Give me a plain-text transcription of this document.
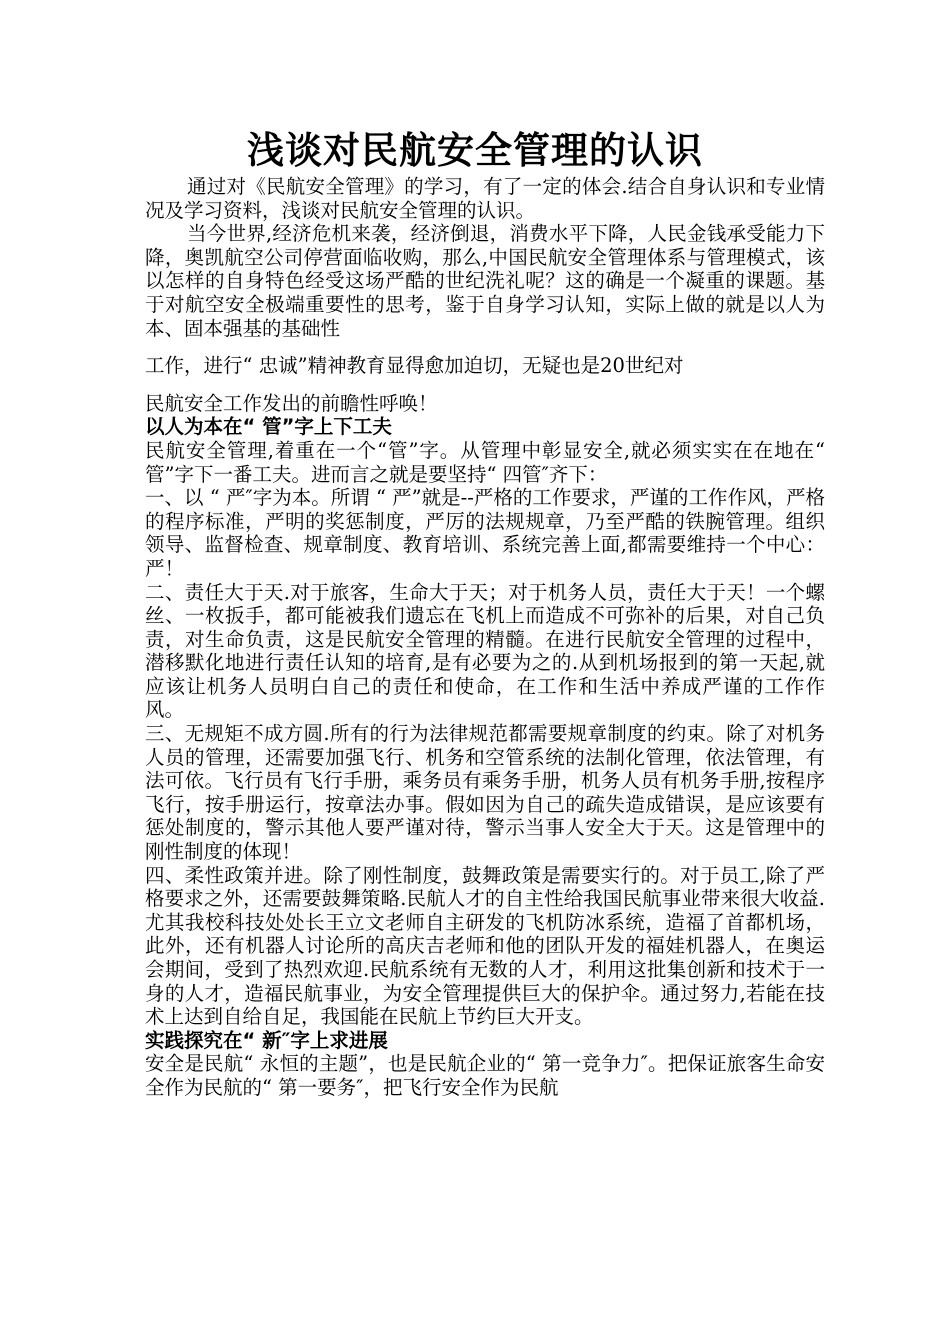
浅谈对民航安全管理的认识

通过对《民航安全管理》的学习，有了一定的体会.结合自身认识和专业情况及学习资料，浅谈对民航安全管理的认识。

当今世界,经济危机来袭，经济倒退，消费水平下降，人民金钱承受能力下降，奥凯航空公司停营面临收购，那么,中国民航安全管理体系与管理模式，该以怎样的自身特色经受这场严酷的世纪洗礼呢？这的确是一个凝重的课题。基于对航空安全极端重要性的思考，鉴于自身学习认知，实际上做的就是以人为本、固本强基的基础性

工作，进行“ 忠诚”精神教育显得愈加迫切，无疑也是20世纪对

民航安全工作发出的前瞻性呼唤！

以人为本在“ 管”字上下工夫

民航安全管理,着重在一个“管”字。从管理中彰显安全,就必须实实在在地在“ 管”字下一番工夫。进而言之就是要坚持“ 四管″齐下：

一、以 “ 严″字为本。所谓 “ 严”就是--严格的工作要求，严谨的工作作风，严格的程序标准，严明的奖惩制度，严厉的法规规章，乃至严酷的铁腕管理。组织领导、监督检查、规章制度、教育培训、系统完善上面,都需要维持一个中心：严！

二、责任大于天.对于旅客，生命大于天；对于机务人员，责任大于天！一个螺丝、一枚扳手，都可能被我们遗忘在飞机上而造成不可弥补的后果，对自己负责，对生命负责，这是民航安全管理的精髓。在进行民航安全管理的过程中，潜移默化地进行责任认知的培育,是有必要为之的.从到机场报到的第一天起,就应该让机务人员明白自己的责任和使命，在工作和生活中养成严谨的工作作风。

三、无规矩不成方圆.所有的行为法律规范都需要规章制度的约束。除了对机务人员的管理，还需要加强飞行、机务和空管系统的法制化管理，依法管理，有法可依。飞行员有飞行手册，乘务员有乘务手册，机务人员有机务手册,按程序飞行，按手册运行，按章法办事。假如因为自己的疏失造成错误，是应该要有惩处制度的，警示其他人要严谨对待，警示当事人安全大于天。这是管理中的刚性制度的体现！

四、柔性政策并进。除了刚性制度，鼓舞政策是需要实行的。对于员工,除了严格要求之外，还需要鼓舞策略.民航人才的自主性给我国民航事业带来很大收益.尤其我校科技处处长王立文老师自主研发的飞机防冰系统，造福了首都机场，此外，还有机器人讨论所的高庆吉老师和他的团队开发的福娃机器人，在奥运会期间，受到了热烈欢迎.民航系统有无数的人才，利用这批集创新和技术于一身的人才，造福民航事业，为安全管理提供巨大的保护伞。通过努力,若能在技术上达到自给自足，我国能在民航上节约巨大开支。

实践探究在“ 新″字上求进展

安全是民航“ 永恒的主题”，也是民航企业的“ 第一竞争力″。把保证旅客生命安全作为民航的“ 第一要务″，把飞行安全作为民航
